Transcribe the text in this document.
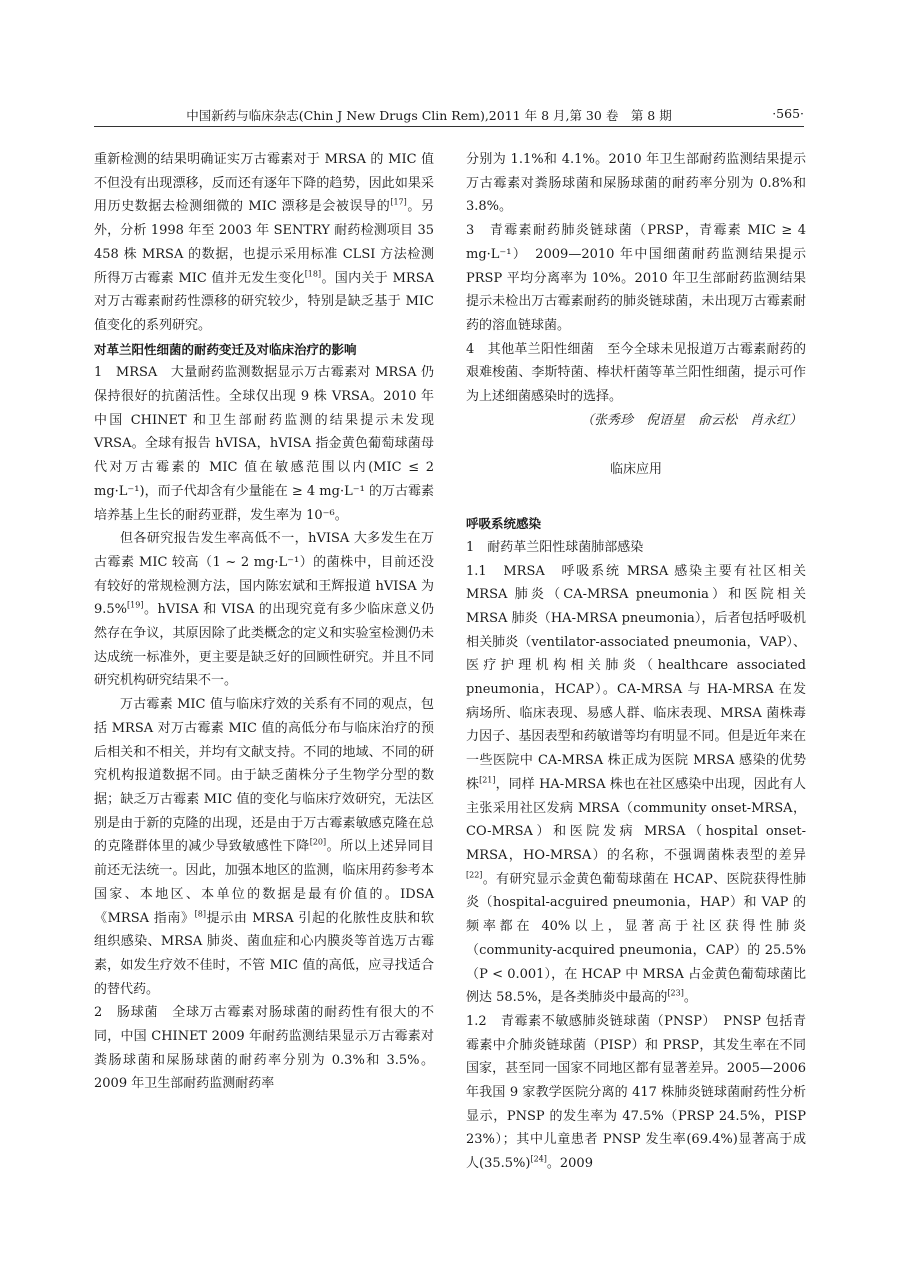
中国新药与临床杂志(Chin J New Drugs Clin Rem),2011 年 8 月,第 30 卷　第 8 期	·565·

重新检测的结果明确证实万古霉素对于 MRSA 的 MIC 值不但没有出现漂移，反而还有逐年下降的趋势，因此如果采用历史数据去检测细微的 MIC 漂移是会被误导的[17]。另外，分析 1998 年至 2003 年 SENTRY 耐药检测项目 35 458 株 MRSA 的数据，也提示采用标准 CLSI 方法检测所得万古霉素 MIC 值并无发生变化[18]。国内关于 MRSA 对万古霉素耐药性漂移的研究较少，特别是缺乏基于 MIC 值变化的系列研究。

对革兰阳性细菌的耐药变迁及对临床治疗的影响

1　MRSA　大量耐药监测数据显示万古霉素对 MRSA 仍保持很好的抗菌活性。全球仅出现 9 株 VRSA。2010 年中国 CHINET 和卫生部耐药监测的结果提示未发现 VRSA。全球有报告 hVISA，hVISA 指金黄色葡萄球菌母代对万古霉素的 MIC 值在敏感范围以内(MIC ≤ 2 mg·L⁻¹)，而子代却含有少量能在 ≥ 4 mg·L⁻¹ 的万古霉素培养基上生长的耐药亚群，发生率为 10⁻⁶。

但各研究报告发生率高低不一，hVISA 大多发生在万古霉素 MIC 较高（1 ~ 2 mg·L⁻¹）的菌株中，目前还没有较好的常规检测方法，国内陈宏斌和王辉报道 hVISA 为 9.5%[19]。hVISA 和 VISA 的出现究竟有多少临床意义仍然存在争议，其原因除了此类概念的定义和实验室检测仍未达成统一标准外，更主要是缺乏好的回顾性研究。并且不同研究机构研究结果不一。

万古霉素 MIC 值与临床疗效的关系有不同的观点，包括 MRSA 对万古霉素 MIC 值的高低分布与临床治疗的预后相关和不相关，并均有文献支持。不同的地域、不同的研究机构报道数据不同。由于缺乏菌株分子生物学分型的数据；缺乏万古霉素 MIC 值的变化与临床疗效研究，无法区别是由于新的克隆的出现，还是由于万古霉素敏感克隆在总的克隆群体里的减少导致敏感性下降[20]。所以上述异同目前还无法统一。因此，加强本地区的监测，临床用药参考本国家、本地区、本单位的数据是最有价值的。IDSA《MRSA 指南》[8]提示由 MRSA 引起的化脓性皮肤和软组织感染、MRSA 肺炎、菌血症和心内膜炎等首选万古霉素，如发生疗效不佳时，不管 MIC 值的高低，应寻找适合的替代药。

2　肠球菌　全球万古霉素对肠球菌的耐药性有很大的不同，中国 CHINET 2009 年耐药监测结果显示万古霉素对粪肠球菌和屎肠球菌的耐药率分别为 0.3%和 3.5%。2009 年卫生部耐药监测耐药率

分别为 1.1%和 4.1%。2010 年卫生部耐药监测结果提示万古霉素对粪肠球菌和屎肠球菌的耐药率分别为 0.8%和 3.8%。

3　青霉素耐药肺炎链球菌（PRSP，青霉素 MIC ≥ 4 mg·L⁻¹）　2009—2010 年中国细菌耐药监测结果提示 PRSP 平均分离率为 10%。2010 年卫生部耐药监测结果提示未检出万古霉素耐药的肺炎链球菌，未出现万古霉素耐药的溶血链球菌。

4　其他革兰阳性细菌　至今全球未见报道万古霉素耐药的艰难梭菌、李斯特菌、棒状杆菌等革兰阳性细菌，提示可作为上述细菌感染时的选择。

（张秀珍　倪语星　俞云松　肖永红）

临床应用

呼吸系统感染

1　耐药革兰阳性球菌肺部感染

1.1　MRSA　呼吸系统 MRSA 感染主要有社区相关 MRSA 肺炎（CA-MRSA pneumonia）和医院相关 MRSA 肺炎（HA-MRSA pneumonia），后者包括呼吸机相关肺炎（ventilator-associated pneumonia，VAP）、医疗护理机构相关肺炎（healthcare associated pneumonia，HCAP）。CA-MRSA 与 HA-MRSA 在发病场所、临床表现、易感人群、临床表现、MRSA 菌株毒力因子、基因表型和药敏谱等均有明显不同。但是近年来在一些医院中 CA-MRSA 株正成为医院 MRSA 感染的优势株[21]，同样 HA-MRSA 株也在社区感染中出现，因此有人主张采用社区发病 MRSA（community onset-MRSA，CO-MRSA）和医院发病 MRSA（hospital onset-MRSA，HO-MRSA）的名称，不强调菌株表型的差异[22]。有研究显示金黄色葡萄球菌在 HCAP、医院获得性肺炎（hospital-acguired pneumonia，HAP）和 VAP 的频率都在 40%以上，显著高于社区获得性肺炎（community-acquired pneumonia，CAP）的 25.5%（P < 0.001），在 HCAP 中 MRSA 占金黄色葡萄球菌比例达 58.5%，是各类肺炎中最高的[23]。

1.2　青霉素不敏感肺炎链球菌（PNSP）　PNSP 包括青霉素中介肺炎链球菌（PISP）和 PRSP，其发生率在不同国家，甚至同一国家不同地区都有显著差异。2005—2006 年我国 9 家教学医院分离的 417 株肺炎链球菌耐药性分析显示，PNSP 的发生率为 47.5%（PRSP 24.5%，PISP 23%）；其中儿童患者 PNSP 发生率(69.4%)显著高于成人(35.5%)[24]。2009
